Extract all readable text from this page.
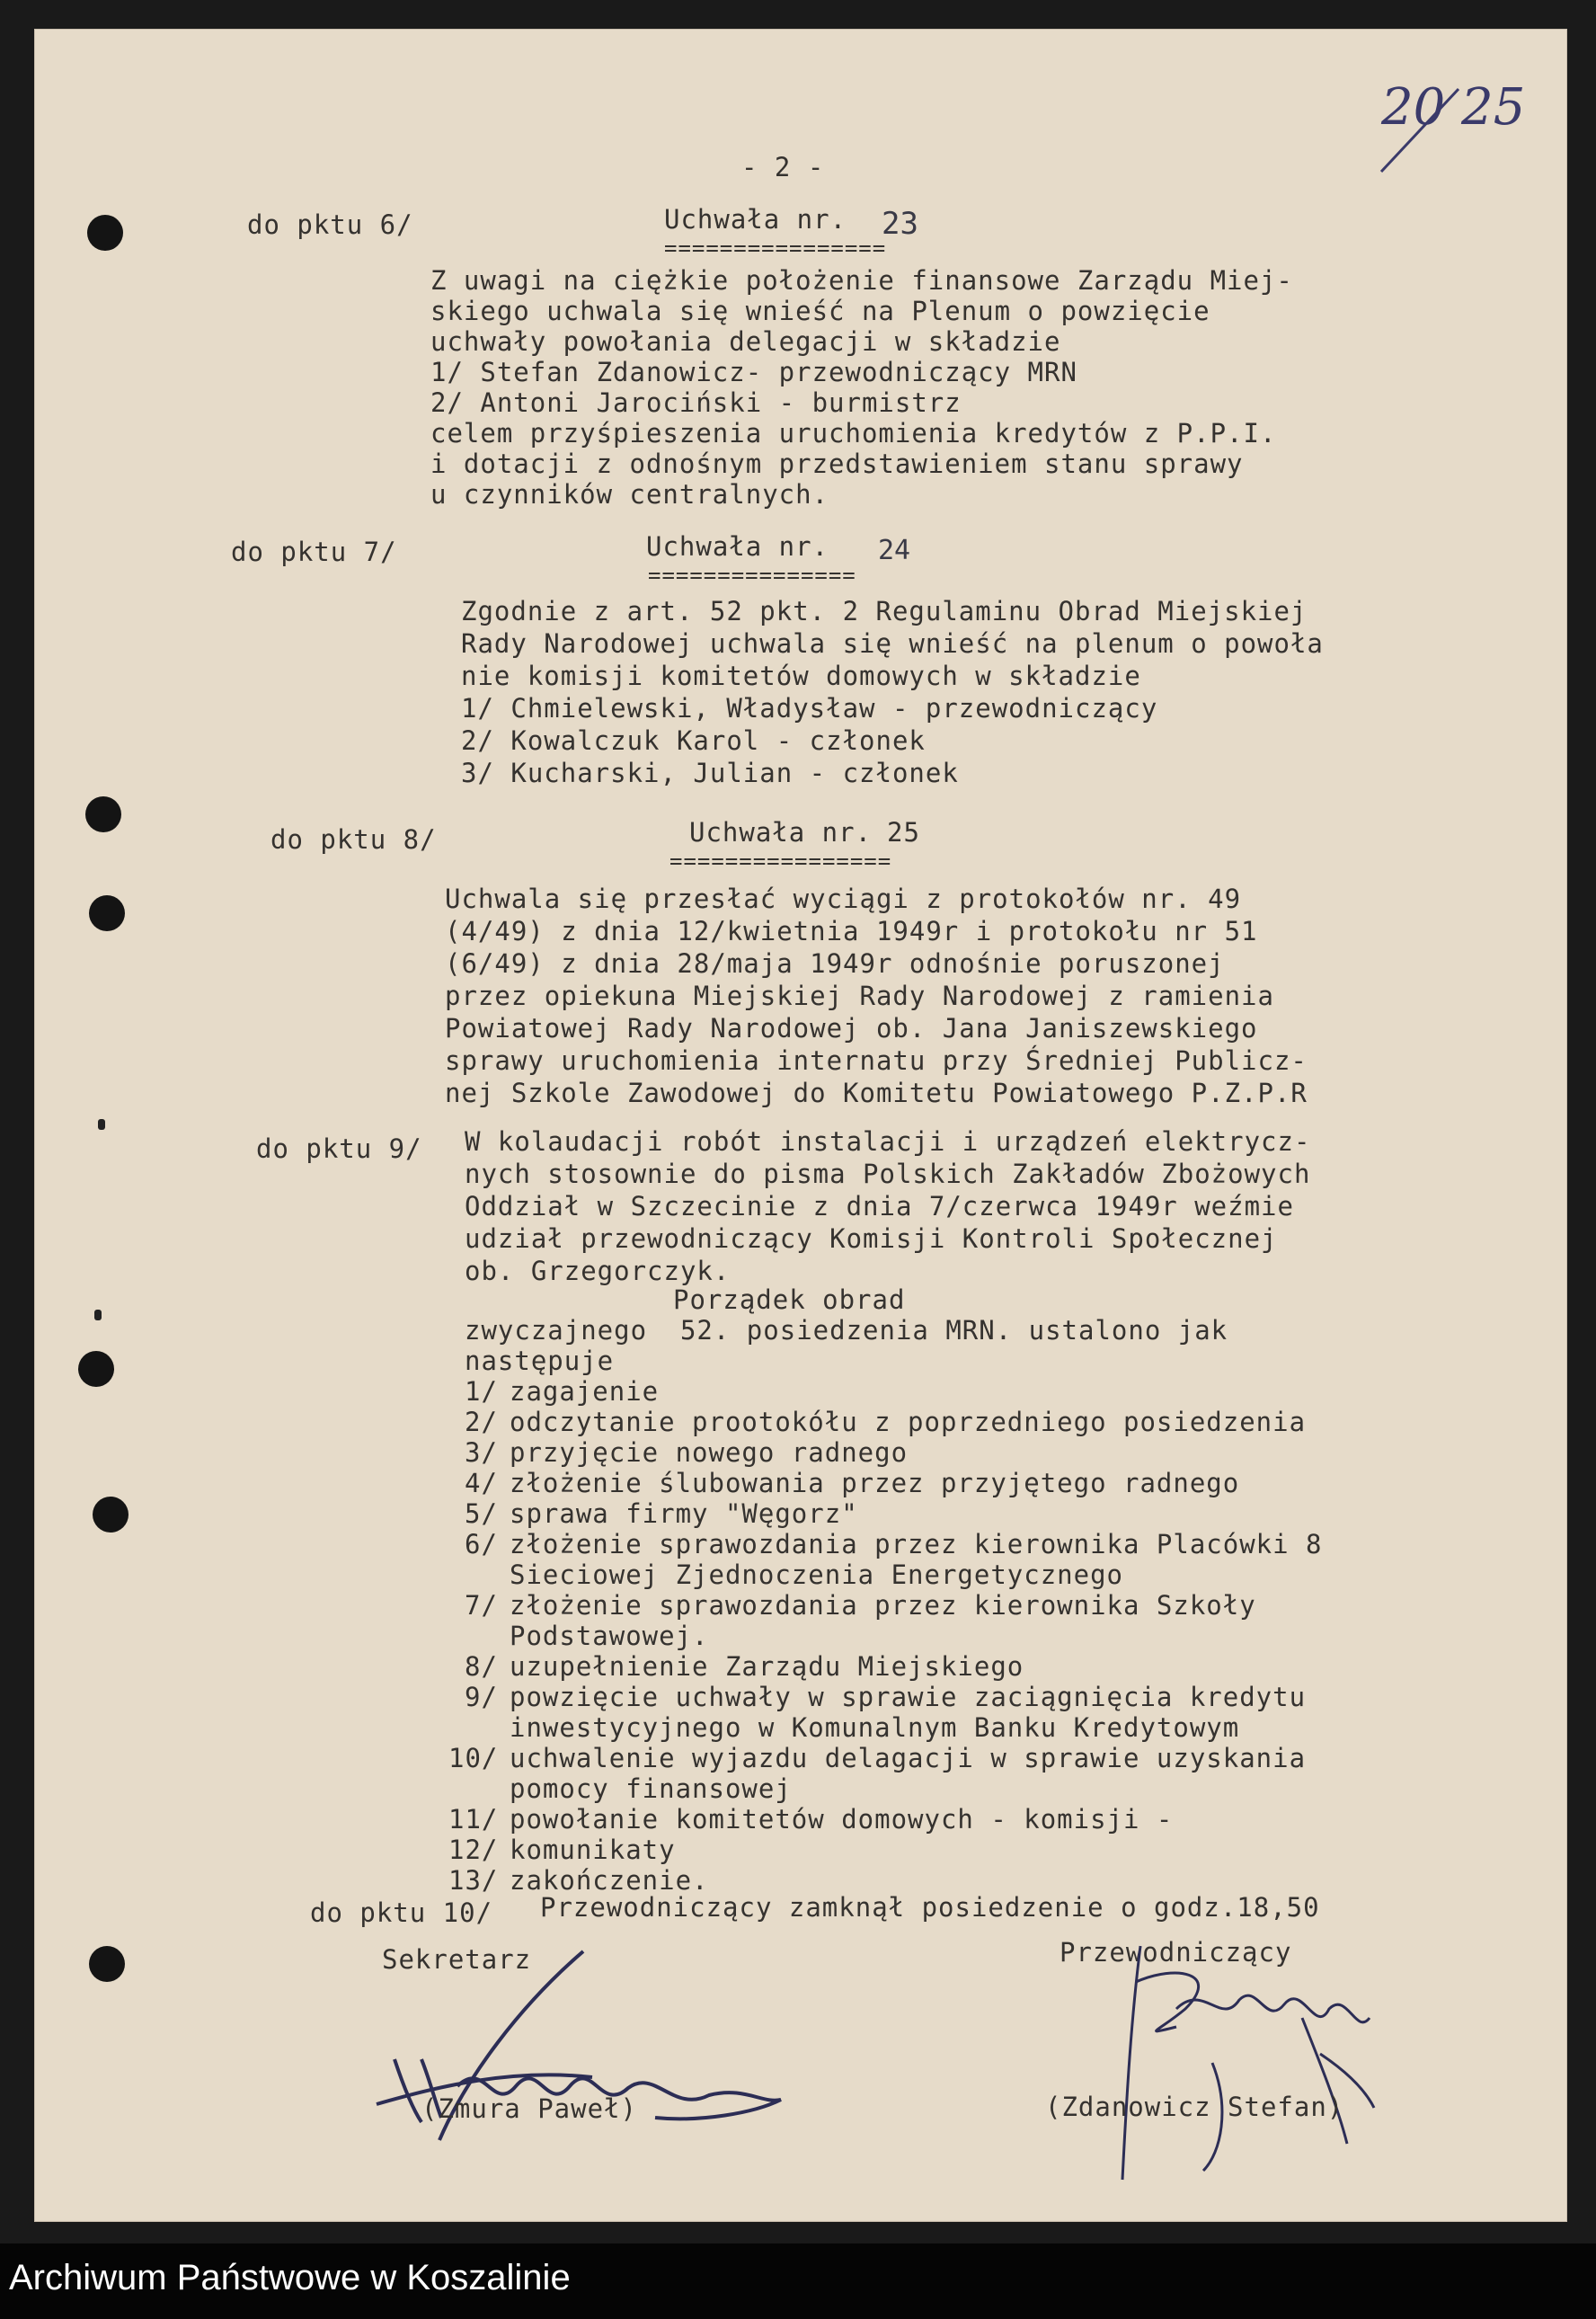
20 25
- 2 -
do pktu 6/	Uchwała nr. 23
================
Z uwagi na ciężkie położenie finansowe Zarządu Miej-
skiego uchwala się wnieść na Plenum o powzięcie
uchwały powołania delegacji w składzie
1/ Stefan Zdanowicz- przewodniczący MRN
2/ Antoni Jarociński - burmistrz
celem przyśpieszenia uruchomienia kredytów z P.P.I.
i dotacji z odnośnym przedstawieniem stanu sprawy
u czynników centralnych.
do pktu 7/	Uchwała nr. 24
===============
Zgodnie z art. 52 pkt. 2 Regulaminu Obrad Miejskiej
Rady Narodowej uchwala się wnieść na plenum o powoła
nie komisji komitetów domowych w składzie
1/ Chmielewski, Władysław - przewodniczący
2/ Kowalczuk Karol - członek
3/ Kucharski, Julian - członek
do pktu 8/	Uchwała nr. 25
================
Uchwala się przesłać wyciągi z protokołów nr. 49
(4/49) z dnia 12/kwietnia 1949r i protokołu nr 51
(6/49) z dnia 28/maja 1949r odnośnie poruszonej
przez opiekuna Miejskiej Rady Narodowej z ramienia
Powiatowej Rady Narodowej ob. Jana Janiszewskiego
sprawy uruchomienia internatu przy Średniej Publicz-
nej Szkole Zawodowej do Komitetu Powiatowego P.Z.P.R
do pktu 9/ W kolaudacji robót instalacji i urządzeń elektrycz-
nych stosownie do pisma Polskich Zakładów Zbożowych
Oddział w Szczecinie z dnia 7/czerwca 1949r weźmie
udział przewodniczący Komisji Kontroli Społecznej
ob. Grzegorczyk.
Porządek obrad
zwyczajnego  52. posiedzenia MRN. ustalono jak
następuje
1/ zagajenie
2/ odczytanie prootokółu z poprzedniego posiedzenia
3/ przyjęcie nowego radnego
4/ złożenie ślubowania przez przyjętego radnego
5/ sprawa firmy "Węgorz"
6/ złożenie sprawozdania przez kierownika Placówki 8
Sieciowej Zjednoczenia Energetycznego
7/ złożenie sprawozdania przez kierownika Szkoły
Podstawowej.
8/ uzupełnienie Zarządu Miejskiego
9/ powzięcie uchwały w sprawie zaciągnięcia kredytu
inwestycyjnego w Komunalnym Banku Kredytowym
10/ uchwalenie wyjazdu delagacji w sprawie uzyskania
pomocy finansowej
11/ powołanie komitetów domowych - komisji -
12/ komunikaty
13/ zakończenie.
do pktu 10/ Przewodniczący zamknął posiedzenie o godz.18,50
Sekretarz	Przewodniczący
(Zmura Paweł)	(Zdanowicz Stefan)
Archiwum Państwowe w Koszalinie
